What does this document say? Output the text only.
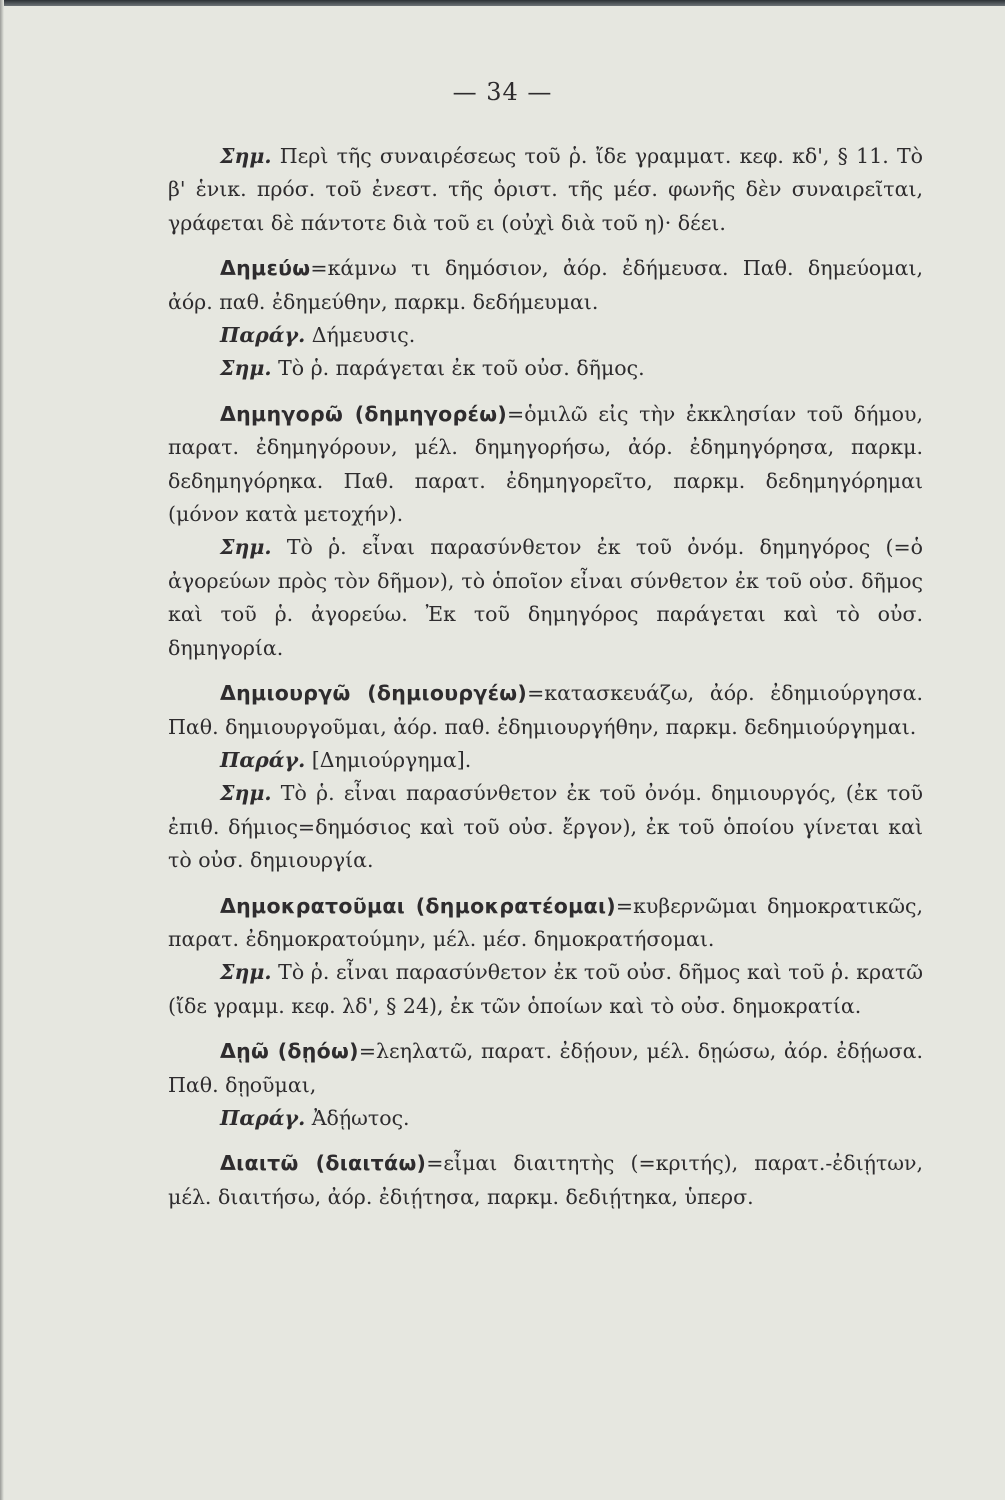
— 34 —

Σημ. Περὶ τῆς συναιρέσεως τοῦ ῥ. ἴδε γραμματ. κεφ. κδ', § 11. Τὸ β' ἑνικ. πρόσ. τοῦ ἐνεστ. τῆς ὁριστ. τῆς μέσ. φωνῆς δὲν συναιρεῖται, γράφεται δὲ πάντοτε διὰ τοῦ ει (οὐχὶ διὰ τοῦ η)· δέει.

Δημεύω=κάμνω τι δημόσιον, ἀόρ. ἐδήμευσα. Παθ. δημεύομαι, ἀόρ. παθ. ἐδημεύθην, παρκμ. δεδήμευμαι.

Παράγ. Δήμευσις.

Σημ. Τὸ ῥ. παράγεται ἐκ τοῦ οὐσ. δῆμος.

Δημηγορῶ (δημηγορέω)=ὁμιλῶ εἰς τὴν ἐκκλησίαν τοῦ δήμου, παρατ. ἐδημηγόρουν, μέλ. δημηγορήσω, ἀόρ. ἐδημηγόρησα, παρκμ. δεδημηγόρηκα. Παθ. παρατ. ἐδημηγορεῖτο, παρκμ. δεδημηγόρημαι (μόνον κατὰ μετοχήν).

Σημ. Τὸ ῥ. εἶναι παρασύνθετον ἐκ τοῦ ὀνόμ. δημηγόρος (=ὁ ἀγορεύων πρὸς τὸν δῆμον), τὸ ὁποῖον εἶναι σύνθετον ἐκ τοῦ οὐσ. δῆμος καὶ τοῦ ῥ. ἀγορεύω. Ἐκ τοῦ δημηγόρος παράγεται καὶ τὸ οὐσ. δημηγορία.

Δημιουργῶ (δημιουργέω)=κατασκευάζω, ἀόρ. ἐδημιούργησα. Παθ. δημιουργοῦμαι, ἀόρ. παθ. ἐδημιουργήθην, παρκμ. δεδημιούργημαι.

Παράγ. [Δημιούργημα].

Σημ. Τὸ ῥ. εἶναι παρασύνθετον ἐκ τοῦ ὀνόμ. δημιουργός, (ἐκ τοῦ ἐπιθ. δήμιος=δημόσιος καὶ τοῦ οὐσ. ἔργον), ἐκ τοῦ ὁποίου γίνεται καὶ τὸ οὐσ. δημιουργία.

Δημοκρατοῦμαι (δημοκρατέομαι)=κυβερνῶμαι δημοκρατικῶς, παρατ. ἐδημοκρατούμην, μέλ. μέσ. δημοκρατήσομαι.

Σημ. Τὸ ῥ. εἶναι παρασύνθετον ἐκ τοῦ οὐσ. δῆμος καὶ τοῦ ῥ. κρατῶ (ἴδε γραμμ. κεφ. λδ', § 24), ἐκ τῶν ὁποίων καὶ τὸ οὐσ. δημοκρατία.

Δῃῶ (δῃόω)=λεηλατῶ, παρατ. ἐδῄουν, μέλ. δῃώσω, ἀόρ. ἐδῄωσα. Παθ. δῃοῦμαι,

Παράγ. Ἀδῄωτος.

Διαιτῶ (διαιτάω)=εἶμαι διαιτητὴς (=κριτής), παρατ.-ἐδιῄτων, μέλ. διαιτήσω, ἀόρ. ἐδιῄτησα, παρκμ. δεδιῄτηκα, ὑπερσ.
